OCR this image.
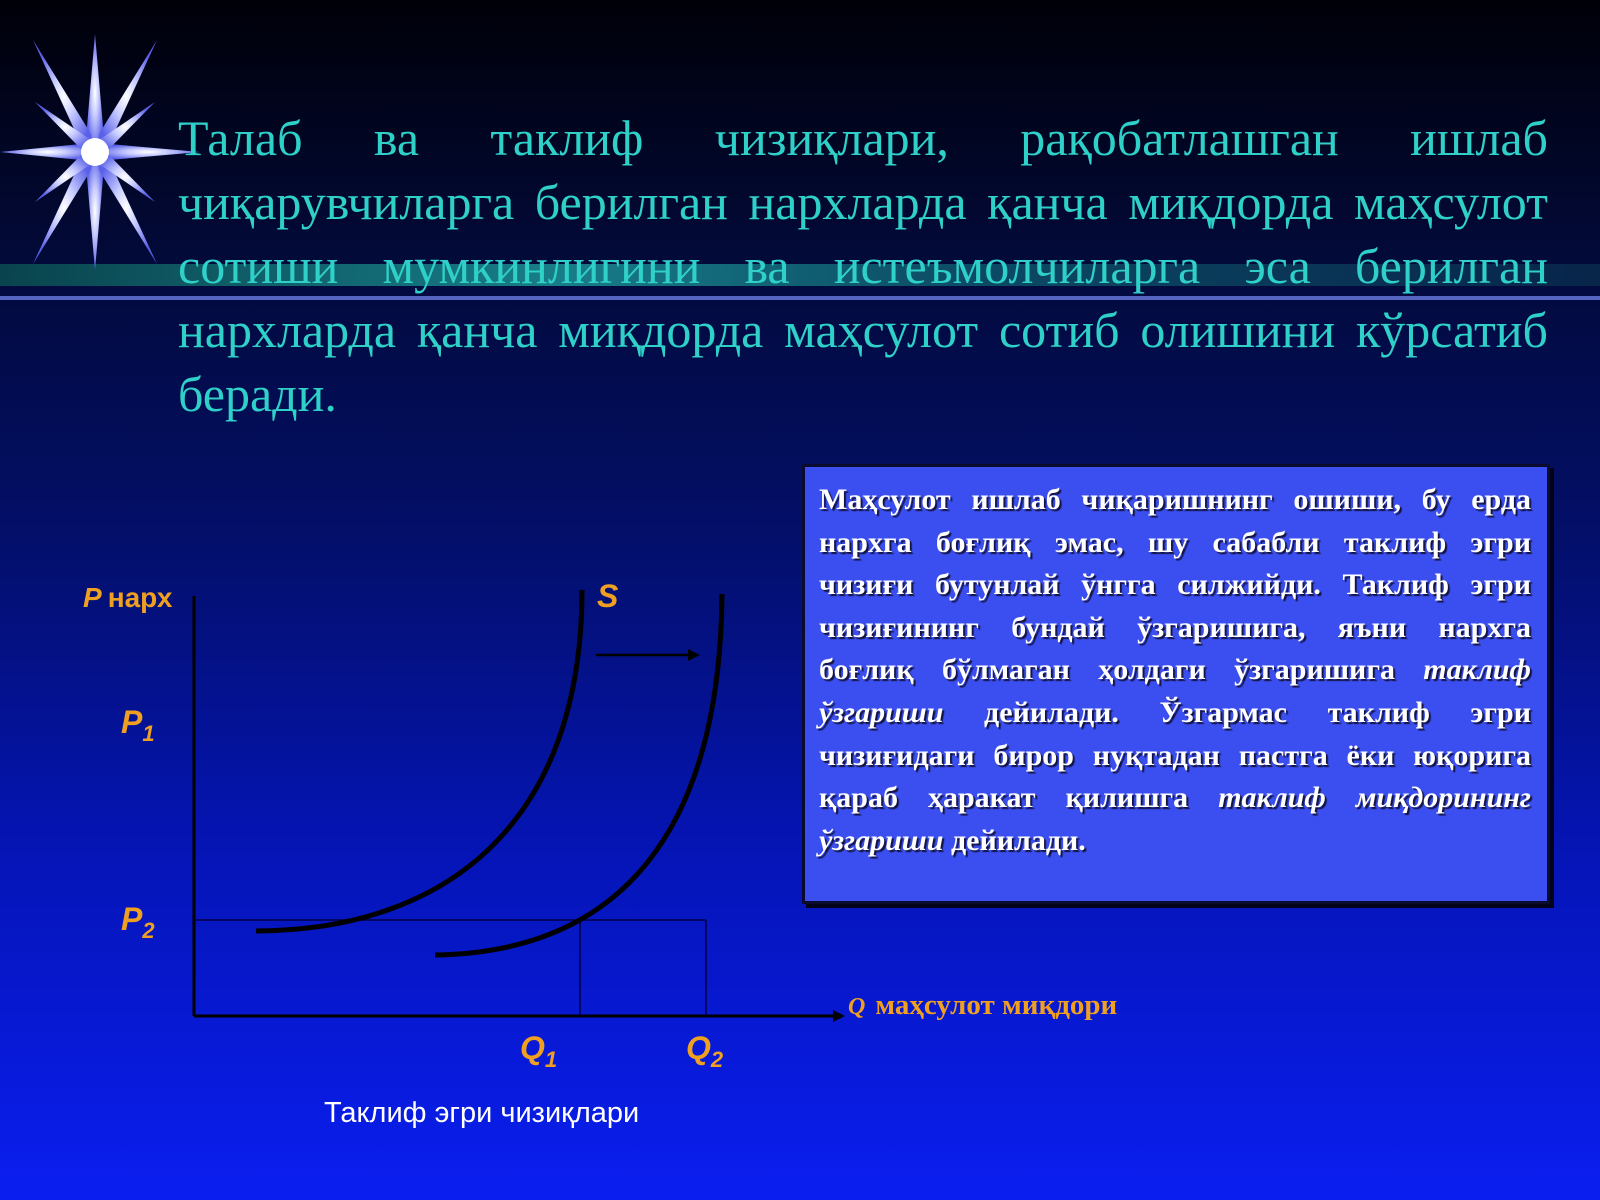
Талаб ва таклиф чизиқлари, рақобатлашган ишлаб чиқарувчиларга берилган нархларда қанча миқдорда маҳсулот сотиши мумкинлигини ва истеъмолчиларга эса берилган нархларда қанча миқдорда маҳсулот сотиб олишини кўрсатиб беради.

Маҳсулот ишлаб чиқаришнинг ошиши, бу ерда нархга боғлиқ эмас, шу сабабли таклиф эгри чизиғи бутунлай ўнгга силжийди. Таклиф эгри чизиғининг бундай ўзгаришига, яъни нархга боғлиқ бўлмаган ҳолдаги ўзгаришига таклиф ўзгариши дейилади. Ўзгармас таклиф эгри чизиғидаги бирор нуқтадан пастга ёки юқорига қараб ҳаракат қилишга таклиф миқдорининг ўзгариши дейилади.
P нарх	S
$P_1$
$P_2$
$Q_1$	$Q_2$
Q маҳсулот миқдори
Таклиф эгри чизиқлари
